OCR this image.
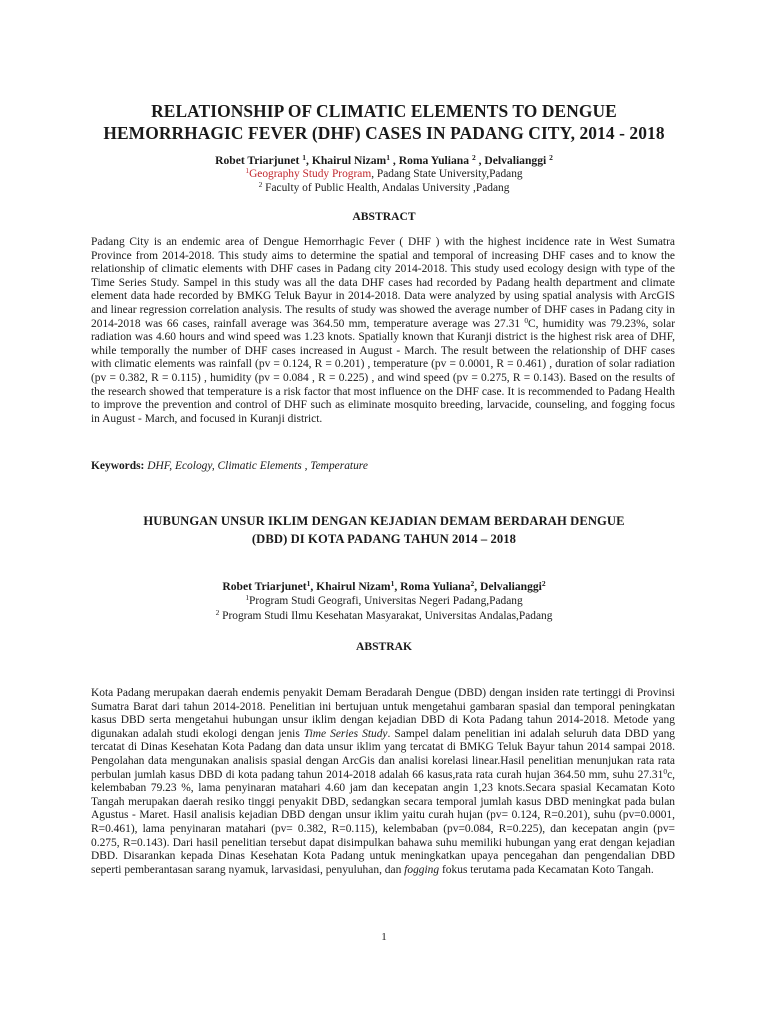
RELATIONSHIP OF CLIMATIC ELEMENTS TO DENGUE
HEMORRHAGIC FEVER (DHF) CASES IN PADANG CITY, 2014 - 2018
Robet Triarjunet $^1$, Khairul Nizam$^1$ , Roma Yuliana $^2$ , Delvalianggi $^2$
$^1$Geography Study Program, Padang State University,Padang
$^2$ Faculty of Public Health, Andalas University ,Padang
ABSTRACT
Padang City is an endemic area of Dengue Hemorrhagic Fever ( DHF ) with the highest incidence rate in West Sumatra Province from 2014-2018. This study aims to determine the spatial and temporal of increasing DHF cases and to know the relationship of climatic elements with DHF cases in Padang city 2014-2018. This study used ecology design with type of the Time Series Study. Sampel in this study was all the data DHF cases had recorded by Padang health department and climate element data hade recorded by BMKG Teluk Bayur in 2014-2018. Data were analyzed by using spatial analysis with ArcGIS and linear regression correlation analysis. The results of study was showed the average number of DHF cases in Padang city in 2014-2018 was 66 cases, rainfall average was 364.50 mm, temperature average was 27.31 $^0$C, humidity was 79.23%, solar radiation was 4.60 hours and wind speed was 1.23 knots. Spatially known that Kuranji district is the highest risk area of DHF, while temporally the number of DHF cases increased in August - March. The result between the relationship of DHF cases with climatic elements was rainfall (pv = 0.124, R = 0.201) , temperature (pv = 0.0001, R = 0.461) , duration of solar radiation (pv = 0.382, R = 0.115) , humidity (pv = 0.084 , R = 0.225) , and wind speed (pv = 0.275, R = 0.143). Based on the results of the research showed that temperature is a risk factor that most influence on the DHF case. It is recommended to Padang Health to improve the prevention and control of DHF such as eliminate mosquito breeding, larvacide, counseling, and fogging focus in August - March, and focused in Kuranji district.
Keywords: DHF, Ecology, Climatic Elements , Temperature
HUBUNGAN UNSUR IKLIM DENGAN KEJADIAN DEMAM BERDARAH DENGUE
(DBD) DI KOTA PADANG TAHUN 2014 – 2018
Robet Triarjunet$^1$, Khairul Nizam$^1$, Roma Yuliana$^2$, Delvalianggi$^2$
$^1$Program Studi Geografi, Universitas Negeri Padang,Padang
$^2$ Program Studi Ilmu Kesehatan Masyarakat, Universitas Andalas,Padang
ABSTRAK
Kota Padang merupakan daerah endemis penyakit Demam Beradarah Dengue (DBD) dengan insiden rate tertinggi di Provinsi Sumatra Barat dari tahun 2014-2018. Penelitian ini bertujuan untuk mengetahui gambaran spasial dan temporal peningkatan kasus DBD serta mengetahui hubungan unsur iklim dengan kejadian DBD di Kota Padang tahun 2014-2018. Metode yang digunakan adalah studi ekologi dengan jenis Time Series Study. Sampel dalam penelitian ini adalah seluruh data DBD yang tercatat di Dinas Kesehatan Kota Padang dan data unsur iklim yang tercatat di BMKG Teluk Bayur tahun 2014 sampai 2018. Pengolahan data mengunakan analisis spasial dengan ArcGis dan analisi korelasi linear.Hasil penelitian menunjukan rata rata perbulan jumlah kasus DBD di kota padang tahun 2014-2018 adalah 66 kasus,rata rata curah hujan 364.50 mm, suhu 27.31$^0$c, kelembaban 79.23 %, lama penyinaran matahari 4.60 jam dan kecepatan angin 1,23 knots.Secara spasial Kecamatan Koto Tangah merupakan daerah resiko tinggi penyakit DBD, sedangkan secara temporal jumlah kasus DBD meningkat pada bulan Agustus - Maret. Hasil analisis kejadian DBD dengan unsur iklim yaitu curah hujan (pv= 0.124, R=0.201), suhu (pv=0.0001, R=0.461), lama penyinaran matahari (pv= 0.382, R=0.115), kelembaban (pv=0.084, R=0.225), dan kecepatan angin (pv= 0.275, R=0.143). Dari hasil penelitian tersebut dapat disimpulkan bahawa suhu memiliki hubungan yang erat dengan kejadian DBD. Disarankan kepada Dinas Kesehatan Kota Padang untuk meningkatkan upaya pencegahan dan pengendalian DBD seperti pemberantasan sarang nyamuk, larvasidasi, penyuluhan, dan fogging fokus terutama pada Kecamatan Koto Tangah.
1
